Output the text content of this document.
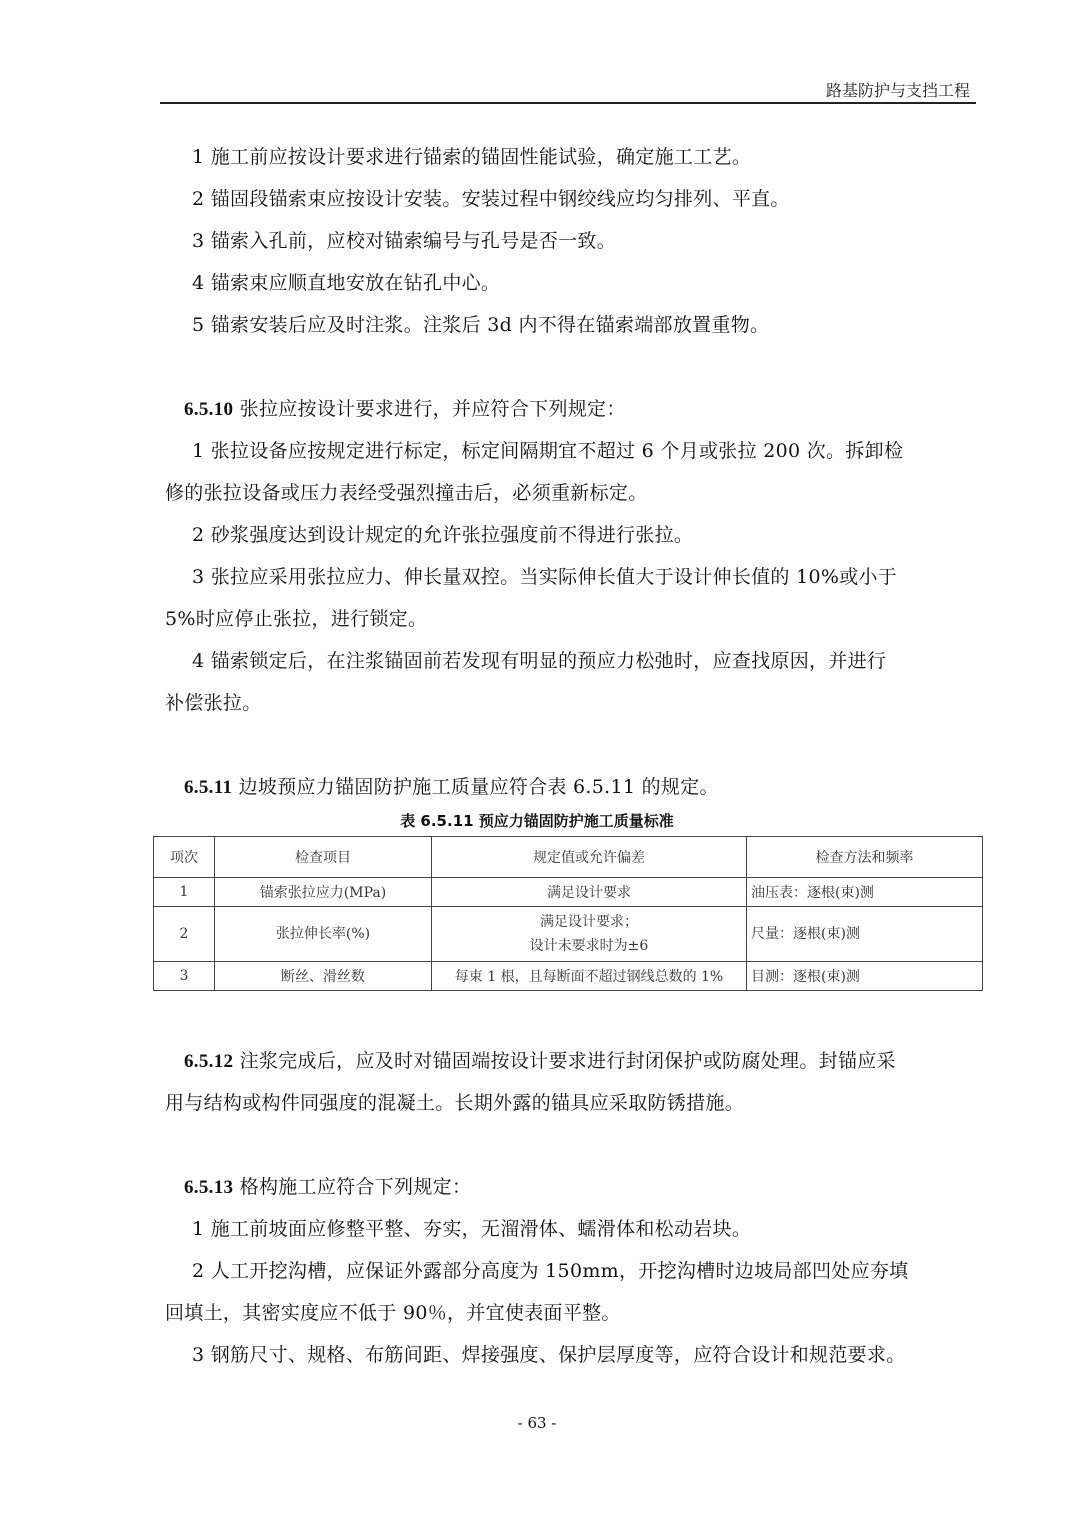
路基防护与支挡工程
1 施工前应按设计要求进行锚索的锚固性能试验，确定施工工艺。
2 锚固段锚索束应按设计安装。安装过程中钢绞线应均匀排列、平直。
3 锚索入孔前，应校对锚索编号与孔号是否一致。
4 锚索束应顺直地安放在钻孔中心。
5 锚索安装后应及时注浆。注浆后 3d 内不得在锚索端部放置重物。
6.5.10 张拉应按设计要求进行，并应符合下列规定：
1 张拉设备应按规定进行标定，标定间隔期宜不超过 6 个月或张拉 200 次。拆卸检
修的张拉设备或压力表经受强烈撞击后，必须重新标定。
2 砂浆强度达到设计规定的允许张拉强度前不得进行张拉。
3 张拉应采用张拉应力、伸长量双控。当实际伸长值大于设计伸长值的 10%或小于
5%时应停止张拉，进行锁定。
4 锚索锁定后，在注浆锚固前若发现有明显的预应力松弛时，应查找原因，并进行
补偿张拉。
6.5.11 边坡预应力锚固防护施工质量应符合表 6.5.11 的规定。
表 6.5.11 预应力锚固防护施工质量标准
项次	检查项目	规定值或允许偏差	检查方法和频率
1	锚索张拉应力(MPa)	满足设计要求	油压表：逐根(束)测
2	张拉伸长率(%)	满足设计要求；
设计未要求时为±6	尺量：逐根(束)测
3	断丝、滑丝数	每束 1 根，且每断面不超过钢线总数的 1%	目测：逐根(束)测
6.5.12 注浆完成后，应及时对锚固端按设计要求进行封闭保护或防腐处理。封锚应采
用与结构或构件同强度的混凝土。长期外露的锚具应采取防锈措施。
6.5.13 格构施工应符合下列规定：
1 施工前坡面应修整平整、夯实，无溜滑体、蠕滑体和松动岩块。
2 人工开挖沟槽，应保证外露部分高度为 150mm，开挖沟槽时边坡局部凹处应夯填
回填土，其密实度应不低于 90％，并宜使表面平整。
3 钢筋尺寸、规格、布筋间距、焊接强度、保护层厚度等，应符合设计和规范要求。
- 63 -
